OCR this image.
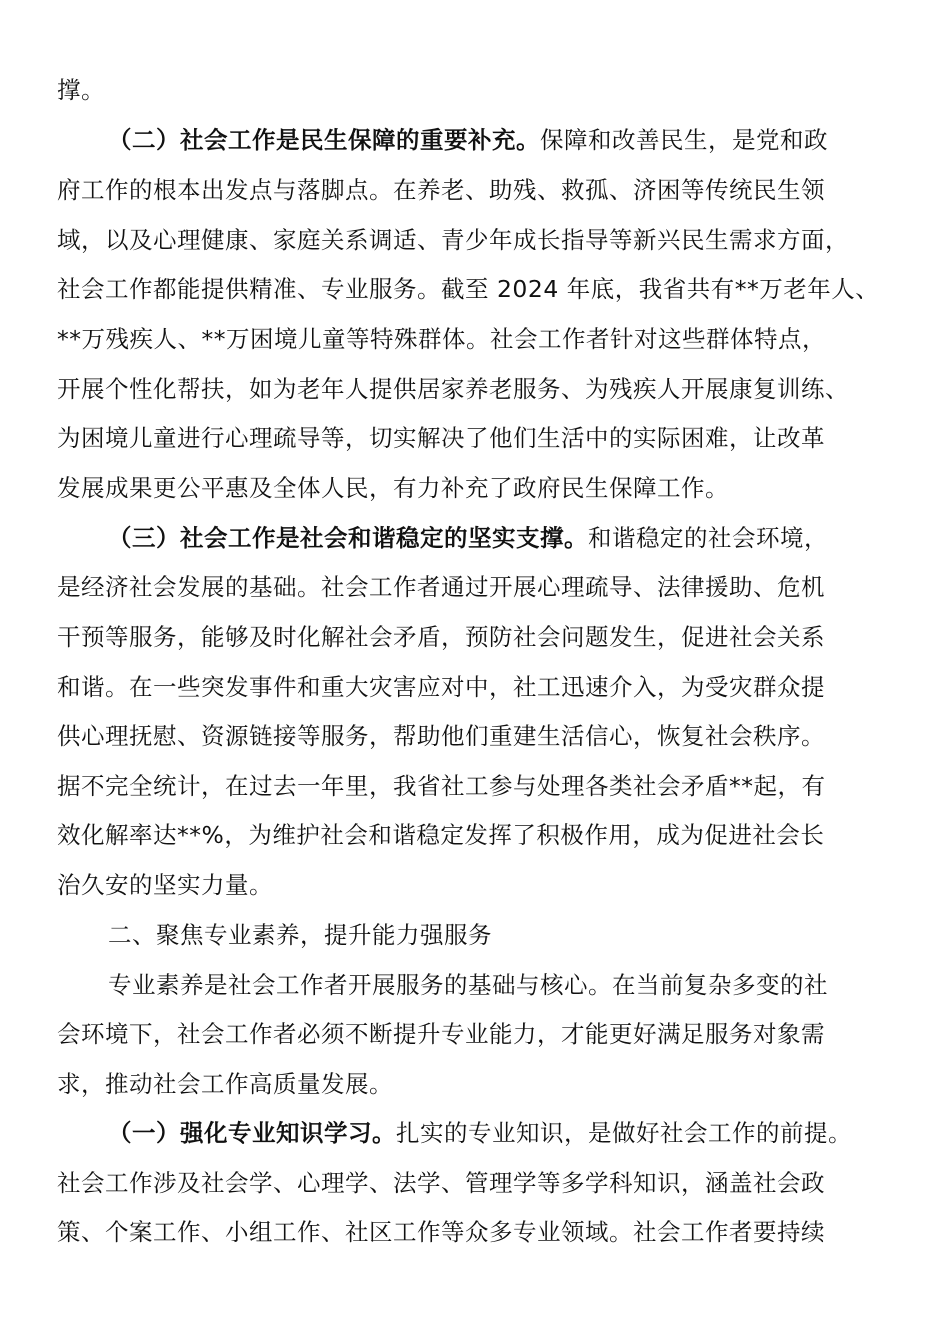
撑。
（二）社会工作是民生保障的重要补充。保障和改善民生，是党和政
府工作的根本出发点与落脚点。在养老、助残、救孤、济困等传统民生领
域，以及心理健康、家庭关系调适、青少年成长指导等新兴民生需求方面，
社会工作都能提供精准、专业服务。截至 2024 年底，我省共有**万老年人、
**万残疾人、**万困境儿童等特殊群体。社会工作者针对这些群体特点，
开展个性化帮扶，如为老年人提供居家养老服务、为残疾人开展康复训练、
为困境儿童进行心理疏导等，切实解决了他们生活中的实际困难，让改革
发展成果更公平惠及全体人民，有力补充了政府民生保障工作。
（三）社会工作是社会和谐稳定的坚实支撑。和谐稳定的社会环境，
是经济社会发展的基础。社会工作者通过开展心理疏导、法律援助、危机
干预等服务，能够及时化解社会矛盾，预防社会问题发生，促进社会关系
和谐。在一些突发事件和重大灾害应对中，社工迅速介入，为受灾群众提
供心理抚慰、资源链接等服务，帮助他们重建生活信心，恢复社会秩序。
据不完全统计，在过去一年里，我省社工参与处理各类社会矛盾**起，有
效化解率达**%，为维护社会和谐稳定发挥了积极作用，成为促进社会长
治久安的坚实力量。
二、聚焦专业素养，提升能力强服务
专业素养是社会工作者开展服务的基础与核心。在当前复杂多变的社
会环境下，社会工作者必须不断提升专业能力，才能更好满足服务对象需
求，推动社会工作高质量发展。
（一）强化专业知识学习。扎实的专业知识，是做好社会工作的前提。
社会工作涉及社会学、心理学、法学、管理学等多学科知识，涵盖社会政
策、个案工作、小组工作、社区工作等众多专业领域。社会工作者要持续
